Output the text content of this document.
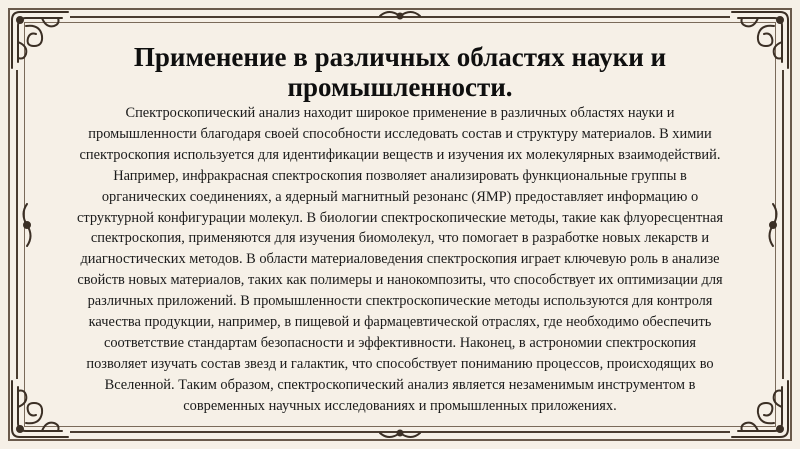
Применение в различных областях науки и промышленности.

Спектроскопический анализ находит широкое применение в различных областях науки и промышленности благодаря своей способности исследовать состав и структуру материалов. В химии спектроскопия используется для идентификации веществ и изучения их молекулярных взаимодействий. Например, инфракрасная спектроскопия позволяет анализировать функциональные группы в органических соединениях, а ядерный магнитный резонанс (ЯМР) предоставляет информацию о структурной конфигурации молекул. В биологии спектроскопические методы, такие как флуоресцентная спектроскопия, применяются для изучения биомолекул, что помогает в разработке новых лекарств и диагностических методов. В области материаловедения спектроскопия играет ключевую роль в анализе свойств новых материалов, таких как полимеры и нанокомпозиты, что способствует их оптимизации для различных приложений. В промышленности спектроскопические методы используются для контроля качества продукции, например, в пищевой и фармацевтической отраслях, где необходимо обеспечить соответствие стандартам безопасности и эффективности. Наконец, в астрономии спектроскопия позволяет изучать состав звезд и галактик, что способствует пониманию процессов, происходящих во Вселенной. Таким образом, спектроскопический анализ является незаменимым инструментом в современных научных исследованиях и промышленных приложениях.
